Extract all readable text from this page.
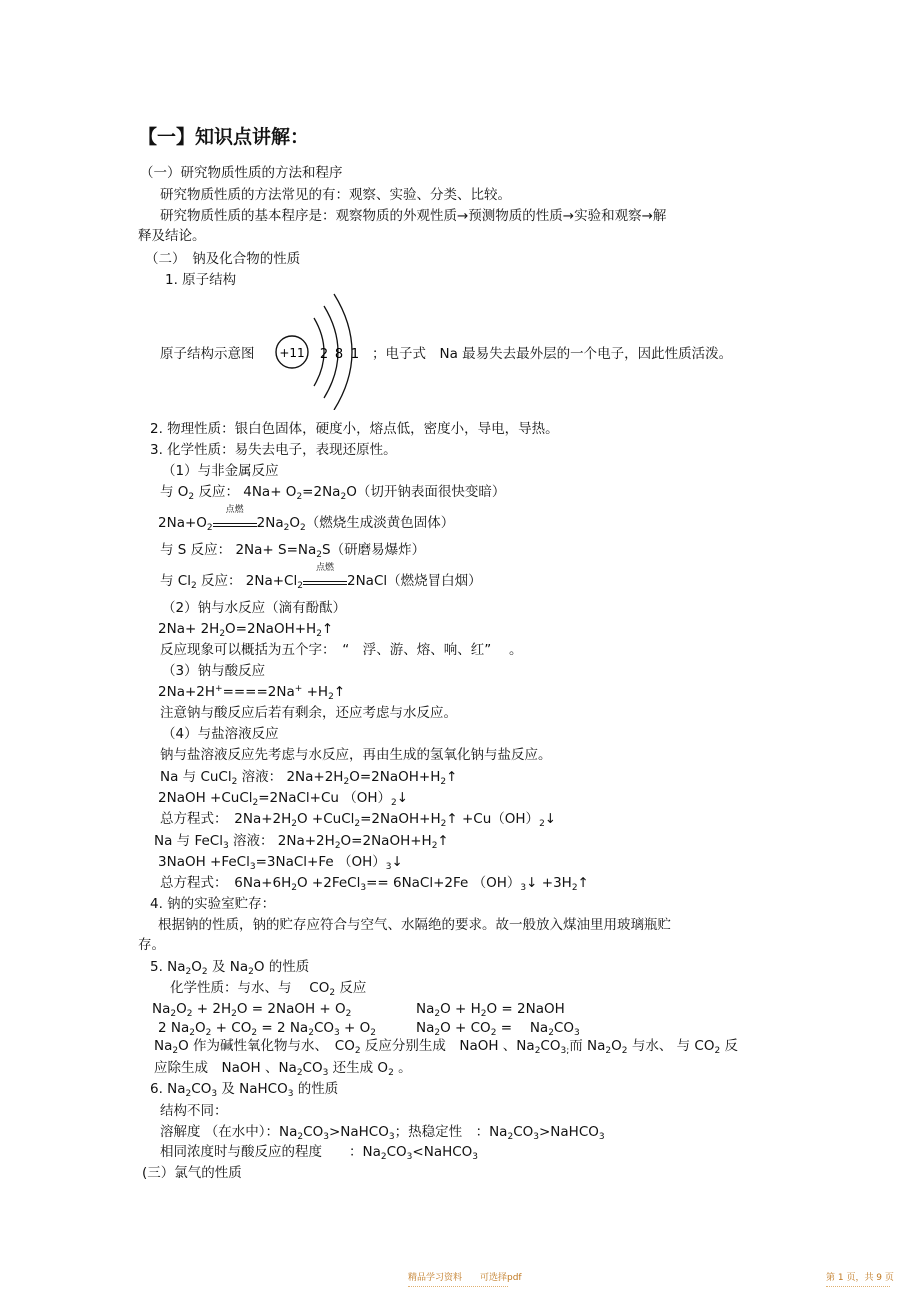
【一】知识点讲解：
（一）研究物质性质的方法和程序
研究物质性质的方法常见的有：观察、实验、分类、比较。
研究物质性质的基本程序是：观察物质的外观性质→预测物质的性质→实验和观察→解
释及结论。
（二）　钠及化合物的性质
1. 原子结构
原子结构示意图 +11 2 8 1 ；电子式　Na 最易失去最外层的一个电子，因此性质活泼。
2. 物理性质：银白色固体，硬度小，熔点低，密度小，导电，导热。
3. 化学性质：易失去电子，表现还原性。
（1）与非金属反应
与 $O_2$ 反应： $4Na+ O_2=2Na_2O$（切开钠表面很快变暗）
$2Na+O_2$
点燃
$2Na_2O_2$（燃烧生成淡黄色固体）
与 S 反应： $2Na+ S=Na_2S$（研磨易爆炸）
与 $Cl_2$ 反应： $2Na+Cl_2$
点燃
2NaCl（燃烧冒白烟）
（2）钠与水反应（滴有酚酞）
$2Na+ 2H_2O=2NaOH+H_2↑$
反应现象可以概括为五个字：　“　浮、游、熔、响、红”　 。
（3）钠与酸反应
$2Na+2H^+====2Na^+ +H_2↑$
注意钠与酸反应后若有剩余，还应考虑与水反应。
（4）与盐溶液反应
钠与盐溶液反应先考虑与水反应，再由生成的氢氧化钠与盐反应。
Na 与 CuCl$_2$ 溶液： $2Na+2H_2O=2NaOH+H_2↑$
2NaOH +CuCl$_2$=2NaCl+Cu $(OH)_2↓$
总方程式：　$2Na+2H_2O$ $+CuCl_2=2NaOH+H_2↑$ $+Cu(OH)_2↓$
Na 与 FeCl$_3$ 溶液： $2Na+2H_2O=2NaOH+H_2↑$
3NaOH +FeCl$_3$=3NaCl+Fe $(OH)_3↓$
总方程式：　$6Na+6H_2O$ +2FeCl$_3$== 6NaCl+2Fe $(OH)_3↓$ $+3H_2↑$
4. 钠的实验室贮存：
根据钠的性质，钠的贮存应符合与空气、水隔绝的要求。故一般放入煤油里用玻璃瓶贮
存。
5. $Na_2O_2$ 及 $Na_2O$ 的性质
化学性质：与水、与　 $CO_2$ 反应
$Na_2O_2 + 2H_2O$ = 2NaOH + $O_2$	$Na_2O + H_2O$ = 2NaOH
2 $Na_2O_2 + CO_2 = 2$ $Na_2CO_3 + O_2$	$Na_2O + CO_2$ =　 $Na_2CO_3$
$Na_2O$ 作为碱性氧化物与水、　$CO_2$ 反应分别生成　NaOH 、$Na_2CO_{3;}$而 $Na_2O_2$ 与水、 与 $CO_2$ 反
应除生成　NaOH 、$Na_2CO_3$ 还生成 $O_2$ 。
6. $Na_2CO_3$ 及 NaHCO$_3$ 的性质
结构不同：
溶解度 （在水中）：$Na_2CO_3>NaHCO_3$；热稳定性　：$Na_2CO_3>NaHCO_3$
相同浓度时与酸反应的程度　　：$Na_2CO_3<NaHCO_3$
(三）氯气的性质
精品学习资料　　可选择pdf	第 1 页，共 9 页
